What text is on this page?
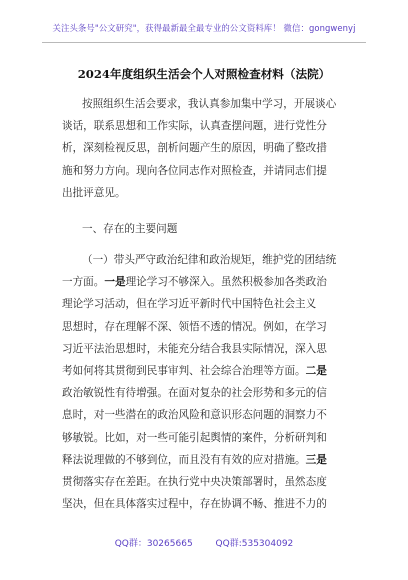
关注头条号"公文研究"，获得最新最全最专业的公文资料库！ 微信：gongwenyj
2024年度组织生活会个人对照检查材料（法院）
按照组织生活会要求，我认真参加集中学习，开展谈心
谈话，联系思想和工作实际，认真查摆问题，进行党性分
析，深刻检视反思，剖析问题产生的原因，明确了整改措
施和努力方向。现向各位同志作对照检查，并请同志们提
出批评意见。
一、存在的主要问题
（一）带头严守政治纪律和政治规矩，维护党的团结统
一方面。一是理论学习不够深入。虽然积极参加各类政治
理论学习活动，但在学习近平新时代中国特色社会主义
思想时，存在理解不深、领悟不透的情况。例如，在学习
习近平法治思想时，未能充分结合我县实际情况，深入思
考如何将其贯彻到民事审判、社会综合治理等方面。二是
政治敏锐性有待增强。在面对复杂的社会形势和多元的信
息时，对一些潜在的政治风险和意识形态问题的洞察力不
够敏锐。比如，对一些可能引起舆情的案件，分析研判和
释法说理做的不够到位，而且没有有效的应对措施。三是
贯彻落实存在差距。在执行党中央决策部署时，虽然态度
坚决，但在具体落实过程中，存在协调不畅、推进不力的
QQ群：30265665	QQ群:535304092
